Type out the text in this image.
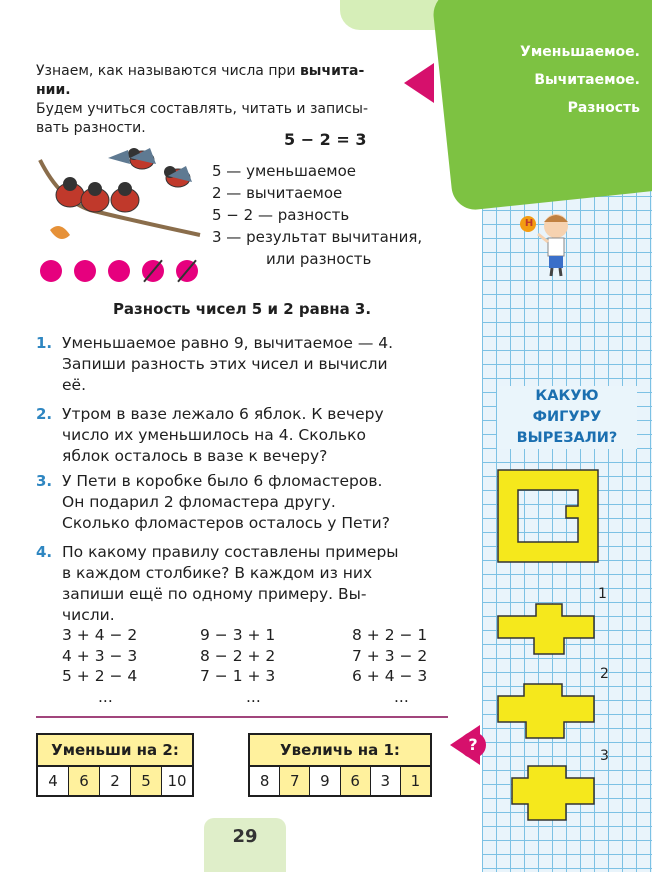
Уменьшаемое.
Вычитаемое.
Разность
Н
КАКУЮ
ФИГУРУ
ВЫРЕЗАЛИ?
1
2
3
?
Узнаем, как называются числа при вычита-
нии.
Будем учиться составлять, читать и записы-
вать разности.
5 − 2 = 3
5 — уменьшаемое
2 — вычитаемое
5 − 2 — разность
3 — результат вычитания,
или разность
Разность чисел 5 и 2 равна 3.
1. Уменьшаемое равно 9, вычитаемое — 4.
Запиши разность этих чисел и вычисли
её.
2. Утром в вазе лежало 6 яблок. К вечеру
число их уменьшилось на 4. Сколько
яблок осталось в вазе к вечеру?
3. У Пети в коробке было 6 фломастеров.
Он подарил 2 фломастера другу.
Сколько фломастеров осталось у Пети?
4. По какому правилу составлены примеры
в каждом столбике? В каждом из них
запиши ещё по одному примеру. Вы-
числи.
3 + 4 − 2
4 + 3 − 3
5 + 2 − 4
...
9 − 3 + 1
8 − 2 + 2
7 − 1 + 3
...
8 + 2 − 1
7 + 3 − 2
6 + 4 − 3
...
Уменьши на 2:
4	6	2	5	10
Увеличь на 1:
8	7	9	6	3	1
29
